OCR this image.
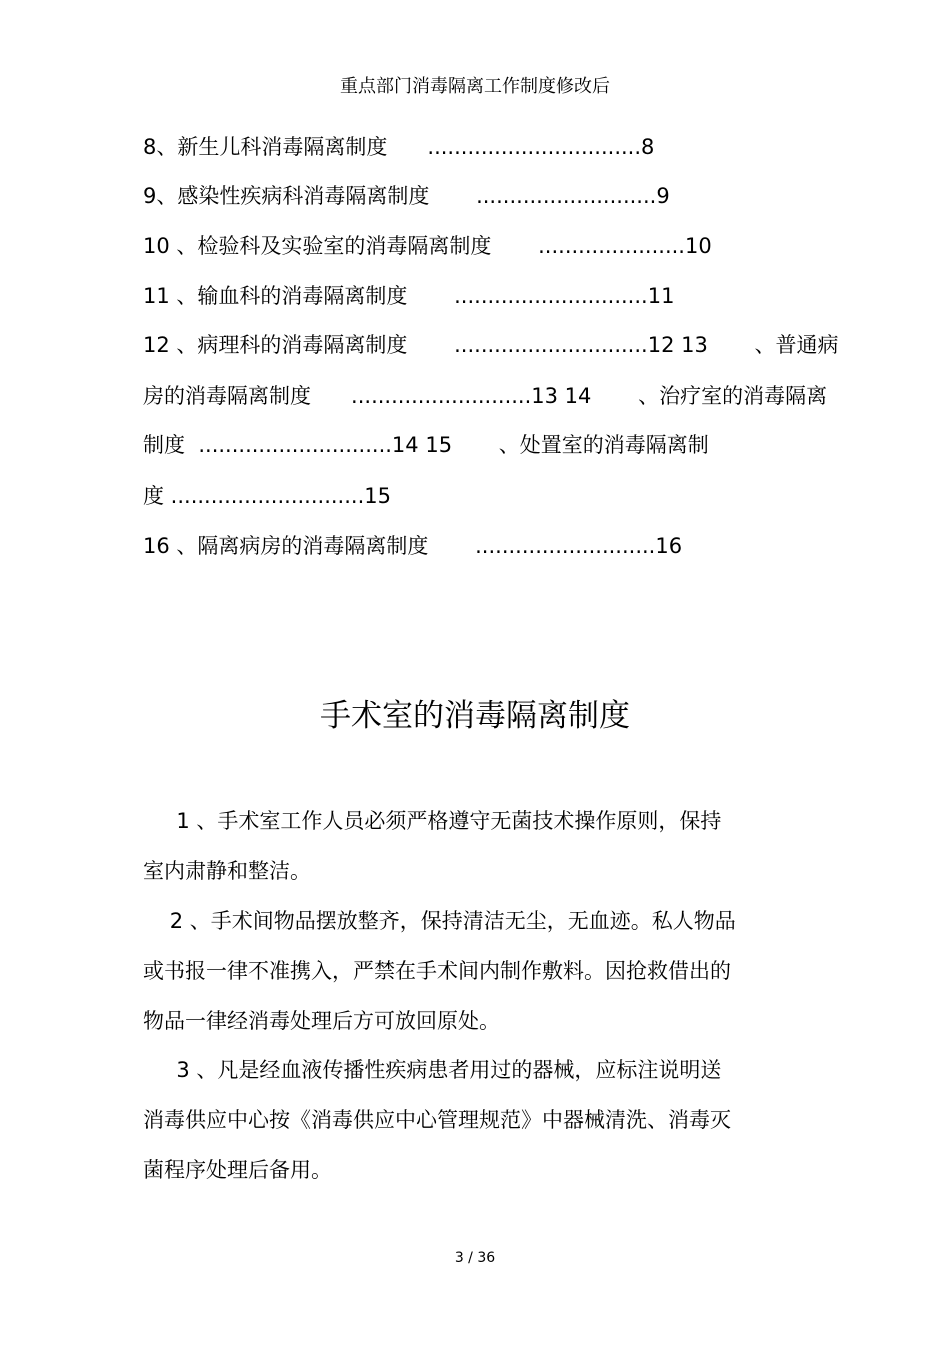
重点部门消毒隔离工作制度修改后
8、新生儿科消毒隔离制度      ................................8
9、感染性疾病科消毒隔离制度       ...........................9
10 、检验科及实验室的消毒隔离制度       ......................10
11 、输血科的消毒隔离制度       .............................11
12 、病理科的消毒隔离制度       .............................12 13       、普通病
房的消毒隔离制度      ...........................13 14       、治疗室的消毒隔离
制度  .............................14 15       、处置室的消毒隔离制
度 .............................15
16 、隔离病房的消毒隔离制度       ...........................16
手术室的消毒隔离制度
1 、手术室工作人员必须严格遵守无菌技术操作原则，保持
室内肃静和整洁。
2 、手术间物品摆放整齐，保持清洁无尘，无血迹。私人物品
或书报一律不准携入，严禁在手术间内制作敷料。因抢救借出的
物品一律经消毒处理后方可放回原处。
3 、凡是经血液传播性疾病患者用过的器械，应标注说明送
消毒供应中心按《消毒供应中心管理规范》中器械清洗、消毒灭
菌程序处理后备用。
3 / 36
